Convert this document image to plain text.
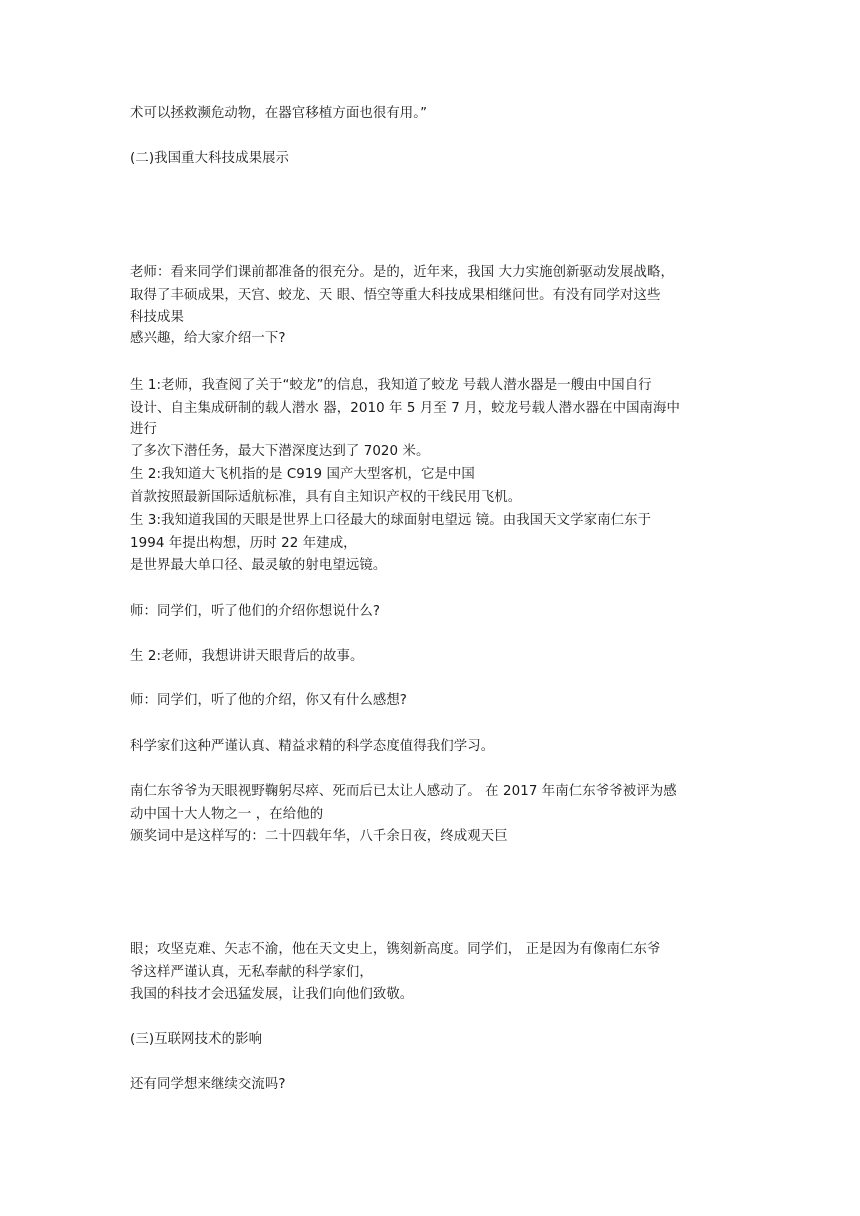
术可以拯救濒危动物，在器官移植方面也很有用。”

(二)我国重大科技成果展示

老师：看来同学们课前都准备的很充分。是的，近年来，我国 大力实施创新驱动发展战略，

取得了丰硕成果，天宫、蛟龙、天 眼、悟空等重大科技成果相继问世。有没有同学对这些

科技成果

感兴趣，给大家介绍一下?

生 1:老师，我查阅了关于“蛟龙”的信息，我知道了蛟龙 号载人潜水器是一艘由中国自行

设计、自主集成研制的载人潜水 器，2010 年 5 月至 7 月，蛟龙号载人潜水器在中国南海中

进行

了多次下潜任务，最大下潜深度达到了 7020 米。

生 2:我知道大飞机指的是 C919 国产大型客机，它是中国

首款按照最新国际适航标准，具有自主知识产权的干线民用飞机。

生 3:我知道我国的天眼是世界上口径最大的球面射电望远 镜。由我国天文学家南仁东于

1994 年提出构想，历时 22 年建成，

是世界最大单口径、最灵敏的射电望远镜。

师：同学们，听了他们的介绍你想说什么?

生 2:老师，我想讲讲天眼背后的故事。

师：同学们，听了他的介绍，你又有什么感想?

科学家们这种严谨认真、精益求精的科学态度值得我们学习。

南仁东爷爷为天眼视野鞠躬尽瘁、死而后已太让人感动了。 在 2017 年南仁东爷爷被评为感

动中国十大人物之一 ，在给他的

颁奖词中是这样写的：二十四载年华，八千余日夜，终成观天巨

眼；攻坚克难、矢志不渝，他在天文史上，镌刻新高度。同学们， 正是因为有像南仁东爷

爷这样严谨认真，无私奉献的科学家们，

我国的科技才会迅猛发展，让我们向他们致敬。

(三)互联网技术的影响

还有同学想来继续交流吗?
